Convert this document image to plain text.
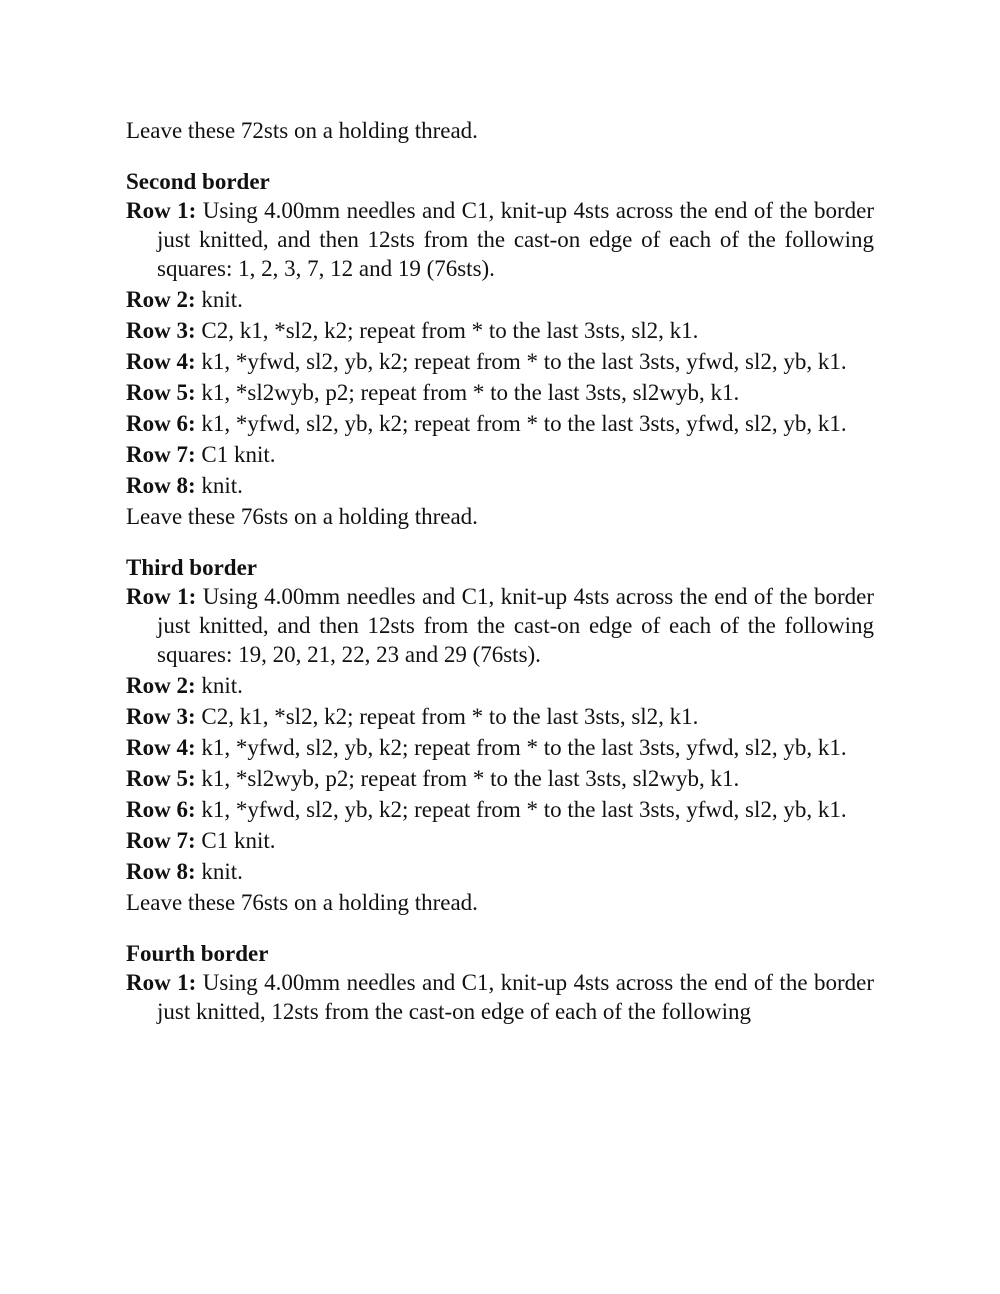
Leave these 72sts on a holding thread.

Second border

Row 1: Using 4.00mm needles and C1, knit-up 4sts across the end of the border just knitted, and then 12sts from the cast-on edge of each of the following squares: 1, 2, 3, 7, 12 and 19 (76sts).

Row 2: knit.

Row 3: C2, k1, *sl2, k2; repeat from * to the last 3sts, sl2, k1.

Row 4: k1, *yfwd, sl2, yb, k2; repeat from * to the last 3sts, yfwd, sl2, yb, k1.

Row 5: k1, *sl2wyb, p2; repeat from * to the last 3sts, sl2wyb, k1.

Row 6: k1, *yfwd, sl2, yb, k2; repeat from * to the last 3sts, yfwd, sl2, yb, k1.

Row 7: C1 knit.

Row 8: knit.

Leave these 76sts on a holding thread.

Third border

Row 1: Using 4.00mm needles and C1, knit-up 4sts across the end of the border just knitted, and then 12sts from the cast-on edge of each of the following squares: 19, 20, 21, 22, 23 and 29 (76sts).

Row 2: knit.

Row 3: C2, k1, *sl2, k2; repeat from * to the last 3sts, sl2, k1.

Row 4: k1, *yfwd, sl2, yb, k2; repeat from * to the last 3sts, yfwd, sl2, yb, k1.

Row 5: k1, *sl2wyb, p2; repeat from * to the last 3sts, sl2wyb, k1.

Row 6: k1, *yfwd, sl2, yb, k2; repeat from * to the last 3sts, yfwd, sl2, yb, k1.

Row 7: C1 knit.

Row 8: knit.

Leave these 76sts on a holding thread.

Fourth border

Row 1: Using 4.00mm needles and C1, knit-up 4sts across the end of the border just knitted, 12sts from the cast-on edge of each of the following
